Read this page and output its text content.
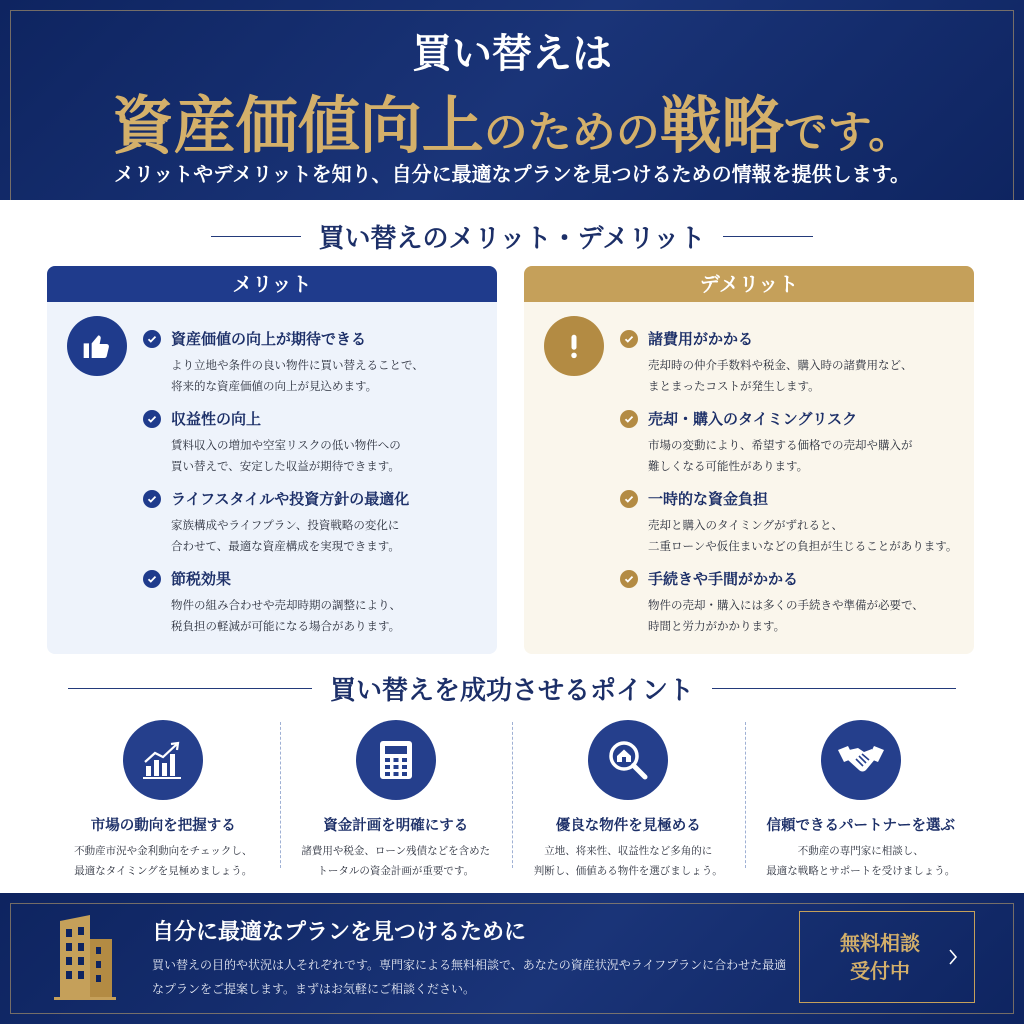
買い替えは
資産価値向上のための戦略です。
メリットやデメリットを知り、自分に最適なプランを見つけるための情報を提供します。
買い替えのメリット・デメリット
メリット
資産価値の向上が期待できる
より立地や条件の良い物件に買い替えることで、
将来的な資産価値の向上が見込めます。
収益性の向上
賃料収入の増加や空室リスクの低い物件への
買い替えで、安定した収益が期待できます。
ライフスタイルや投資方針の最適化
家族構成やライフプラン、投資戦略の変化に
合わせて、最適な資産構成を実現できます。
節税効果
物件の組み合わせや売却時期の調整により、
税負担の軽減が可能になる場合があります。
デメリット
諸費用がかかる
売却時の仲介手数料や税金、購入時の諸費用など、
まとまったコストが発生します。
売却・購入のタイミングリスク
市場の変動により、希望する価格での売却や購入が
難しくなる可能性があります。
一時的な資金負担
売却と購入のタイミングがずれると、
二重ローンや仮住まいなどの負担が生じることがあります。
手続きや手間がかかる
物件の売却・購入には多くの手続きや準備が必要で、
時間と労力がかかります。
買い替えを成功させるポイント
市場の動向を把握する
不動産市況や金利動向をチェックし、
最適なタイミングを見極めましょう。
資金計画を明確にする
諸費用や税金、ローン残債などを含めた
トータルの資金計画が重要です。
優良な物件を見極める
立地、将来性、収益性など多角的に
判断し、価値ある物件を選びましょう。
信頼できるパートナーを選ぶ
不動産の専門家に相談し、
最適な戦略とサポートを受けましょう。
自分に最適なプランを見つけるために
買い替えの目的や状況は人それぞれです。専門家による無料相談で、あなたの資産状況やライフプランに合わせた最適なプランをご提案します。まずはお気軽にご相談ください。
無料相談
受付中
